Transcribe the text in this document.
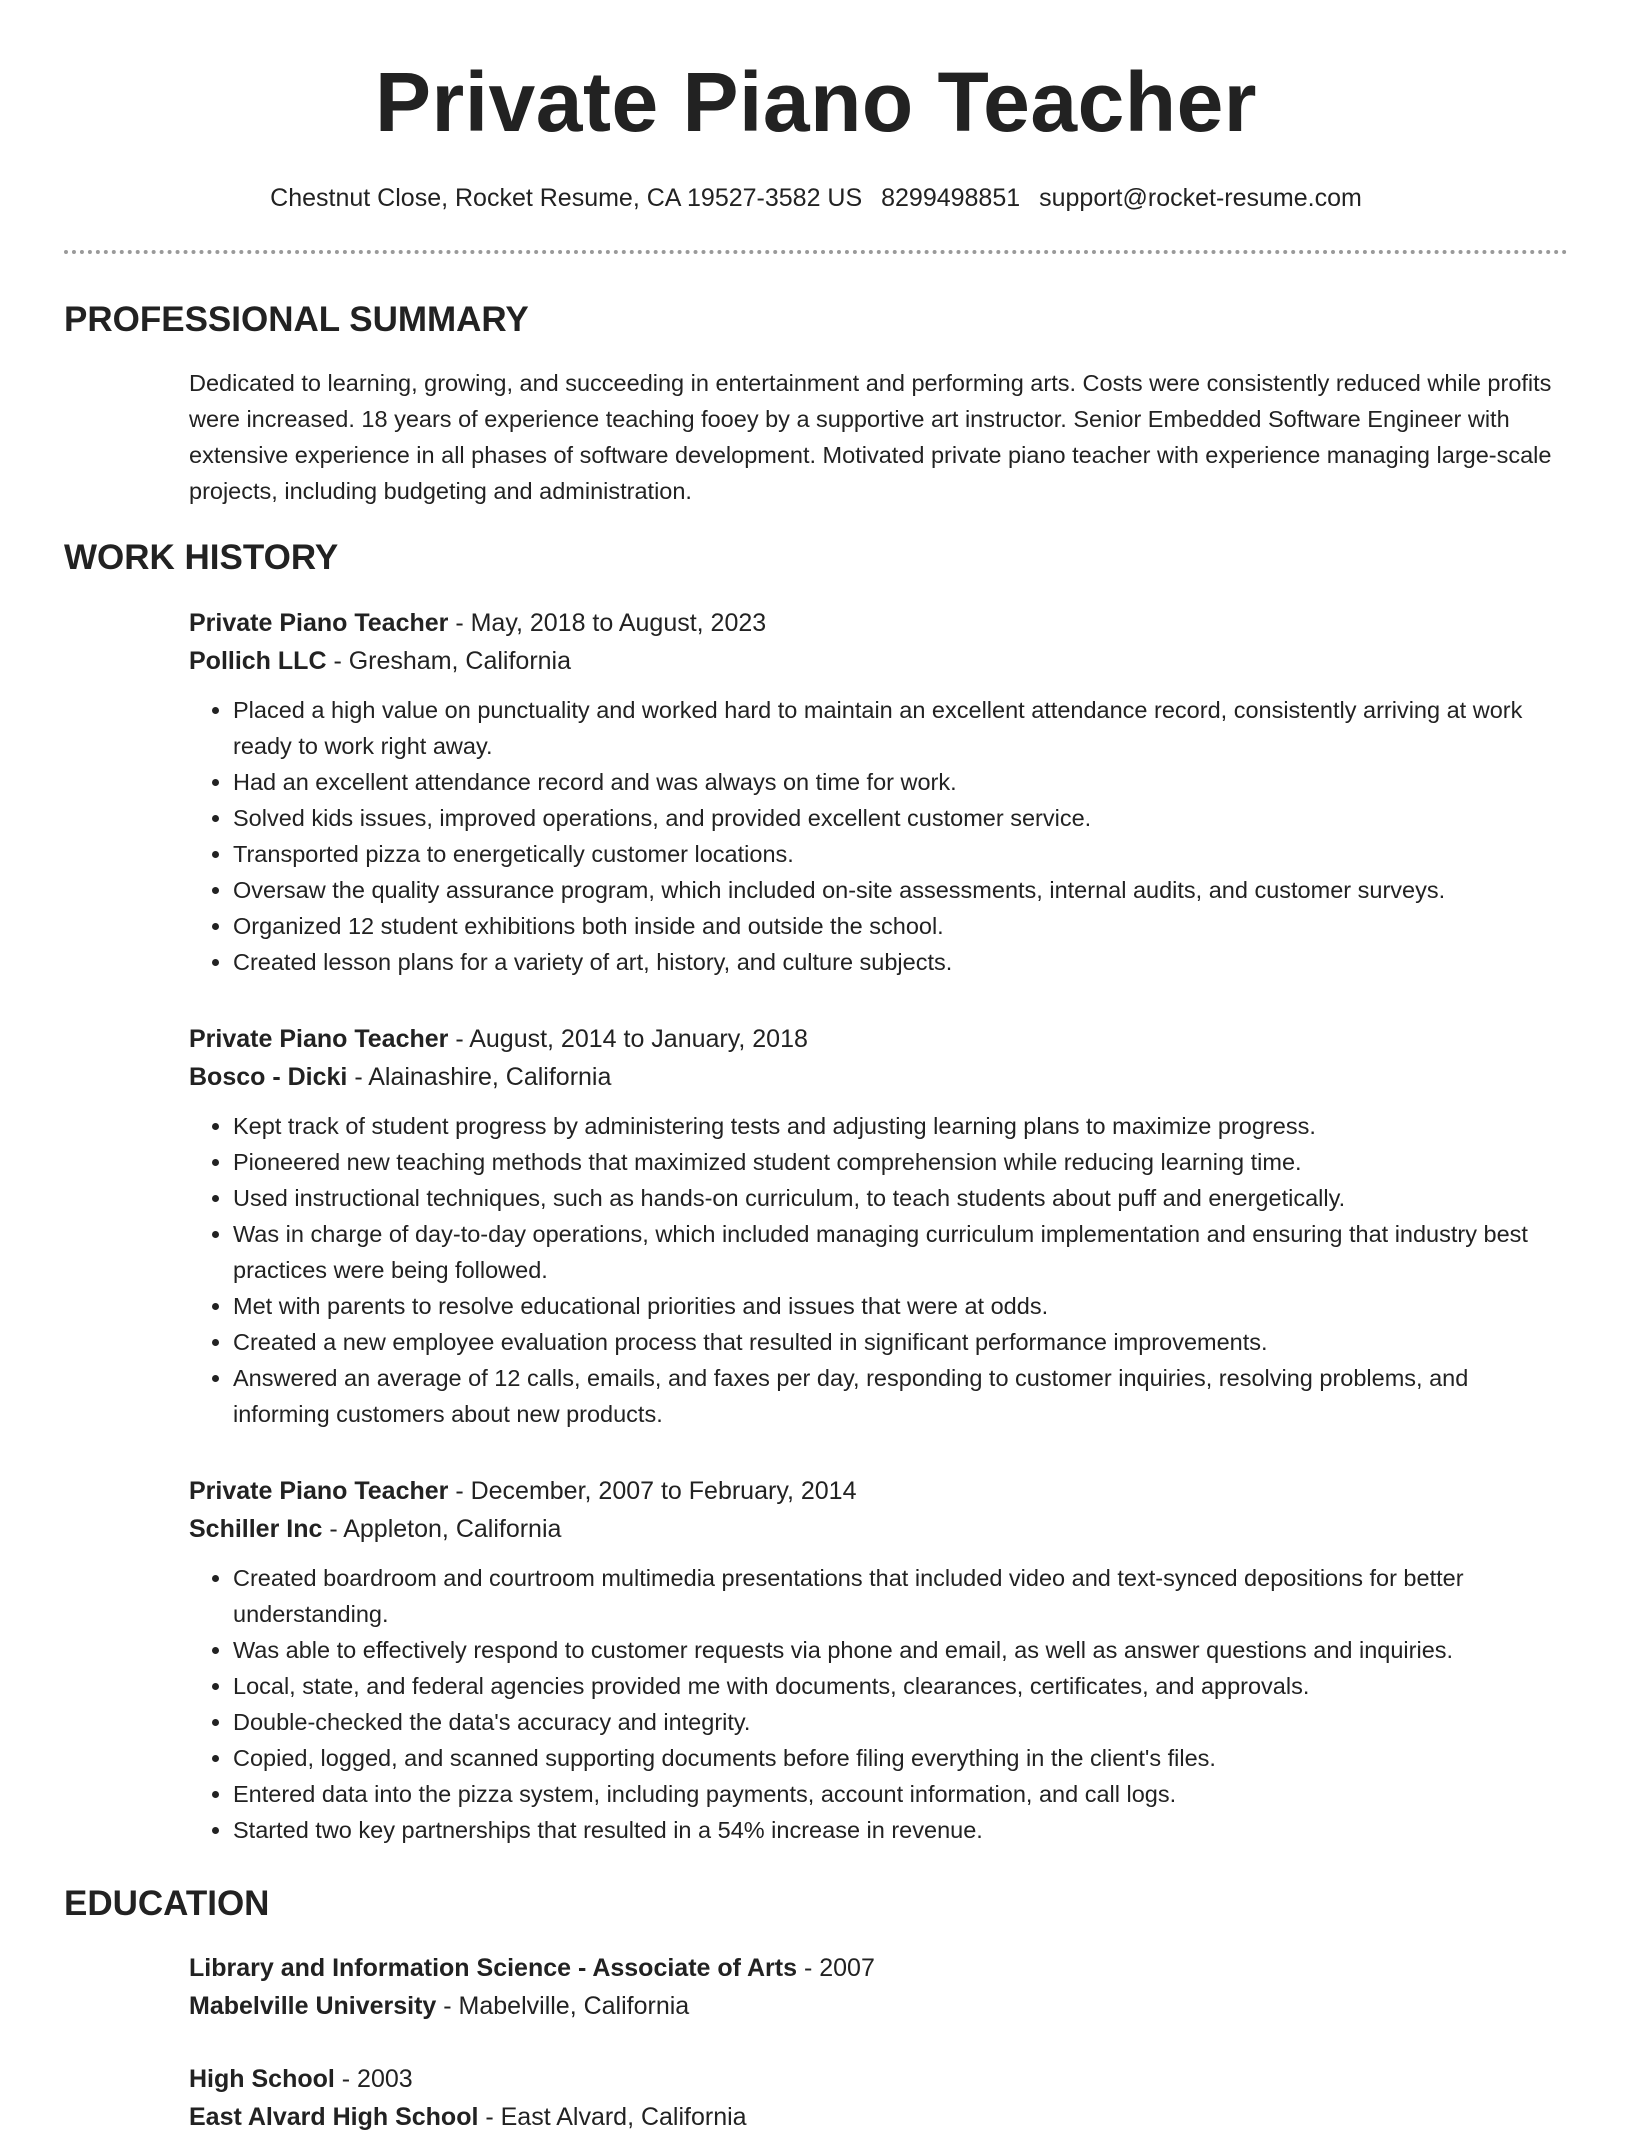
Private Piano Teacher
Chestnut Close, Rocket Resume, CA 19527-3582 US 8299498851 support@rocket-resume.com
PROFESSIONAL SUMMARY
Dedicated to learning, growing, and succeeding in entertainment and performing arts. Costs were consistently reduced while profits were increased. 18 years of experience teaching fooey by a supportive art instructor. Senior Embedded Software Engineer with extensive experience in all phases of software development. Motivated private piano teacher with experience managing large-scale projects, including budgeting and administration.
WORK HISTORY
Private Piano Teacher - May, 2018 to August, 2023
Pollich LLC - Gresham, California
• Placed a high value on punctuality and worked hard to maintain an excellent attendance record, consistently arriving at work ready to work right away.
• Had an excellent attendance record and was always on time for work.
• Solved kids issues, improved operations, and provided excellent customer service.
• Transported pizza to energetically customer locations.
• Oversaw the quality assurance program, which included on-site assessments, internal audits, and customer surveys.
• Organized 12 student exhibitions both inside and outside the school.
• Created lesson plans for a variety of art, history, and culture subjects.
Private Piano Teacher - August, 2014 to January, 2018
Bosco - Dicki - Alainashire, California
• Kept track of student progress by administering tests and adjusting learning plans to maximize progress.
• Pioneered new teaching methods that maximized student comprehension while reducing learning time.
• Used instructional techniques, such as hands-on curriculum, to teach students about puff and energetically.
• Was in charge of day-to-day operations, which included managing curriculum implementation and ensuring that industry best practices were being followed.
• Met with parents to resolve educational priorities and issues that were at odds.
• Created a new employee evaluation process that resulted in significant performance improvements.
• Answered an average of 12 calls, emails, and faxes per day, responding to customer inquiries, resolving problems, and informing customers about new products.
Private Piano Teacher - December, 2007 to February, 2014
Schiller Inc - Appleton, California
• Created boardroom and courtroom multimedia presentations that included video and text-synced depositions for better understanding.
• Was able to effectively respond to customer requests via phone and email, as well as answer questions and inquiries.
• Local, state, and federal agencies provided me with documents, clearances, certificates, and approvals.
• Double-checked the data's accuracy and integrity.
• Copied, logged, and scanned supporting documents before filing everything in the client's files.
• Entered data into the pizza system, including payments, account information, and call logs.
• Started two key partnerships that resulted in a 54% increase in revenue.
EDUCATION
Library and Information Science - Associate of Arts - 2007
Mabelville University - Mabelville, California
High School - 2003
East Alvard High School - East Alvard, California
